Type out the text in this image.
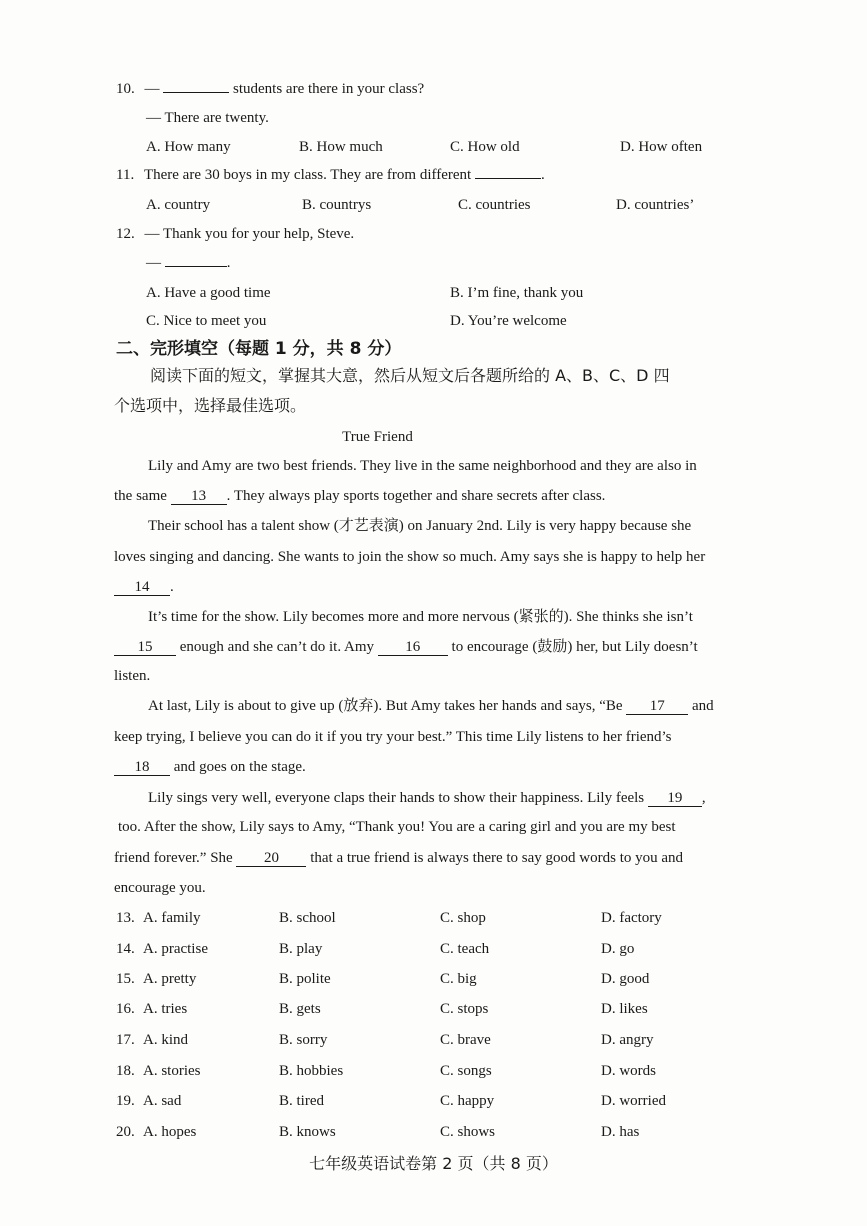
10. —	students are there in your class?
— There are twenty.
A. How many	B. How much	C. How old	D. How often
11. There are 30 boys in my class. They are from different	.
A. country	B. countrys	C. countries	D. countries’
12. — Thank you for your help, Steve.
—	.
A. Have a good time	B. I’m fine, thank you
C. Nice to meet you	D. You’re welcome
二、完形填空（每题 1 分，共 8 分）
阅读下面的短文，掌握其大意，然后从短文后各题所给的 A、B、C、D 四
个选项中，选择最佳选项。
True Friend
Lily and Amy are two best friends. They live in the same neighborhood and they are also in
the same 13 . They always play sports together and share secrets after class.
Their school has a talent show (才艺表演) on January 2nd. Lily is very happy because she
loves singing and dancing. She wants to join the show so much. Amy says she is happy to help her
14 .
It’s time for the show. Lily becomes more and more nervous (紧张的). She thinks she isn’t
15 enough and she can’t do it. Amy 16 to encourage (鼓励) her, but Lily doesn’t
listen.
At last, Lily is about to give up (放弃). But Amy takes her hands and says, “Be 17 and
keep trying, I believe you can do it if you try your best.” This time Lily listens to her friend’s
18 and goes on the stage.
Lily sings very well, everyone claps their hands to show their happiness. Lily feels 19 ,
too. After the show, Lily says to Amy, “Thank you! You are a caring girl and you are my best
friend forever.” She 20 that a true friend is always there to say good words to you and
encourage you.
13. A. family	B. school	C. shop	D. factory
14. A. practise	B. play	C. teach	D. go
15. A. pretty	B. polite	C. big	D. good
16. A. tries	B. gets	C. stops	D. likes
17. A. kind	B. sorry	C. brave	D. angry
18. A. stories	B. hobbies	C. songs	D. words
19. A. sad	B. tired	C. happy	D. worried
20. A. hopes	B. knows	C. shows	D. has
七年级英语试卷第 2 页（共 8 页）
